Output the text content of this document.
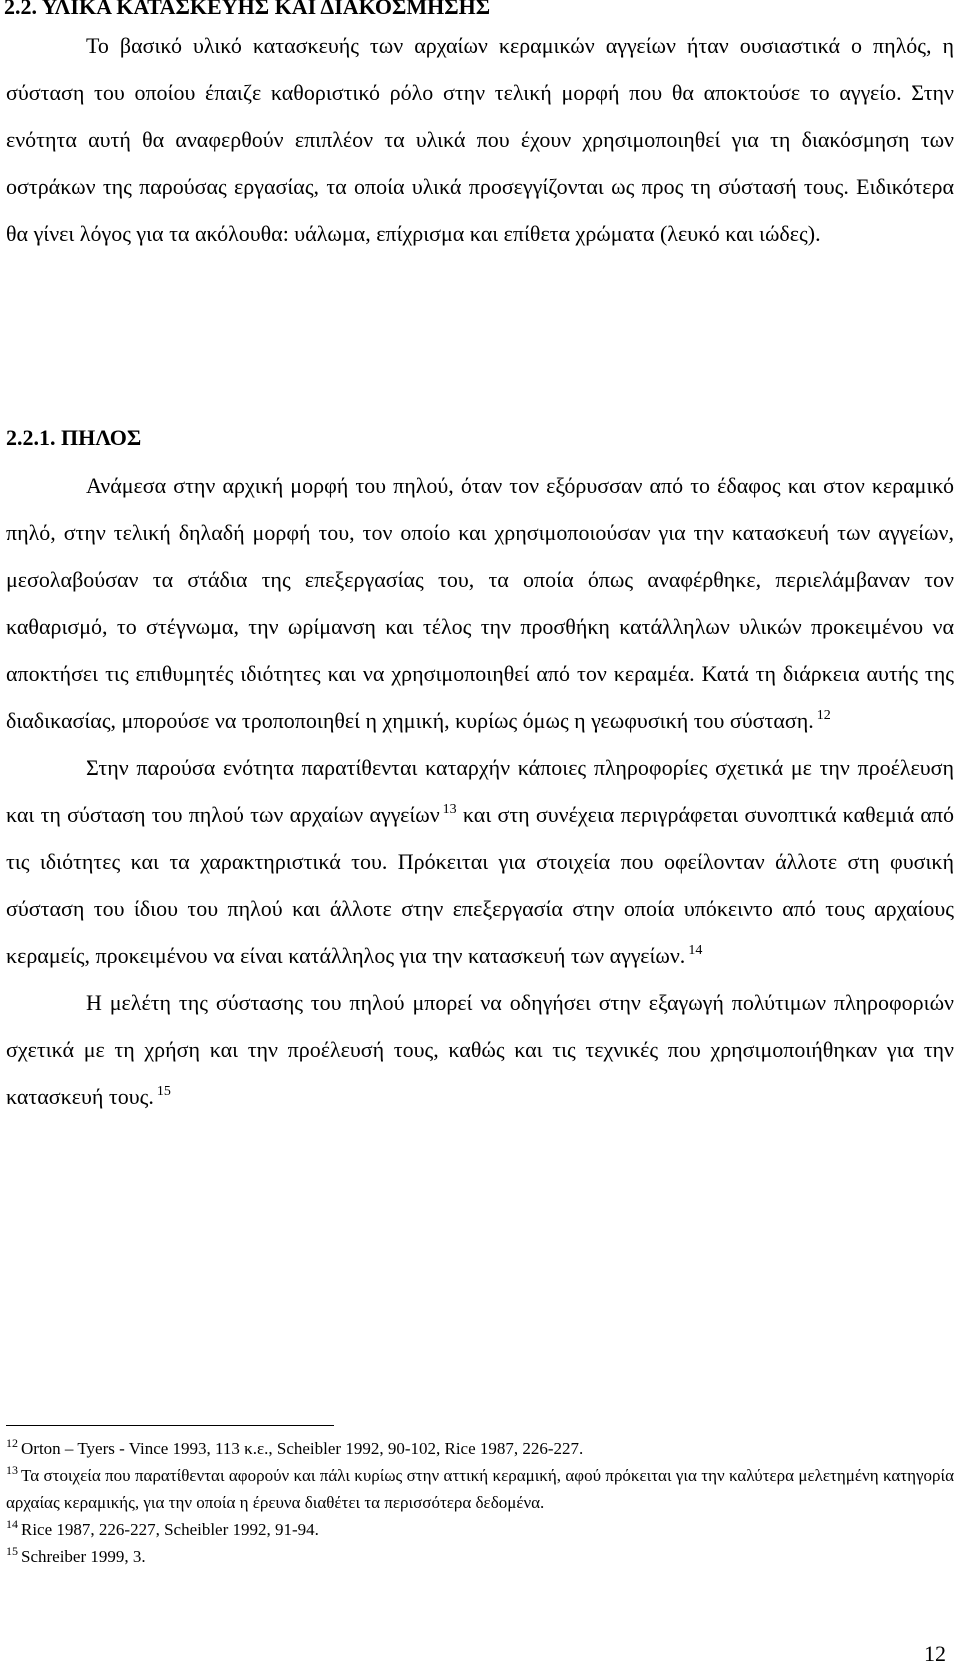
2.2. ΥΛΙΚΑ ΚΑΤΑΣΚΕΥΗΣ ΚΑΙ ΔΙΑΚΟΣΜΗΣΗΣ

Το βασικό υλικό κατασκευής των αρχαίων κεραμικών αγγείων ήταν ουσιαστικά ο πηλός, η σύσταση του οποίου έπαιζε καθοριστικό ρόλο στην τελική μορφή που θα αποκτούσε το αγγείο. Στην ενότητα αυτή θα αναφερθούν επιπλέον τα υλικά που έχουν χρησιμοποιηθεί για τη διακόσμηση των οστράκων της παρούσας εργασίας, τα οποία υλικά προσεγγίζονται ως προς τη σύστασή τους. Ειδικότερα θα γίνει λόγος για τα ακόλουθα: υάλωμα, επίχρισμα και επίθετα χρώματα (λευκό και ιώδες).

2.2.1. ΠΗΛΟΣ

Ανάμεσα στην αρχική μορφή του πηλού, όταν τον εξόρυσσαν από το έδαφος και στον κεραμικό πηλό, στην τελική δηλαδή μορφή του, τον οποίο και χρησιμοποιούσαν για την κατασκευή των αγγείων, μεσολαβούσαν τα στάδια της επεξεργασίας του, τα οποία όπως αναφέρθηκε, περιελάμβαναν τον καθαρισμό, το στέγνωμα, την ωρίμανση και τέλος την προσθήκη κατάλληλων υλικών προκειμένου να αποκτήσει τις επιθυμητές ιδιότητες και να χρησιμοποιηθεί από τον κεραμέα. Κατά τη διάρκεια αυτής της διαδικασίας, μπορούσε να τροποποιηθεί η χημική, κυρίως όμως η γεωφυσική του σύσταση. $^{12}$

Στην παρούσα ενότητα παρατίθενται καταρχήν κάποιες πληροφορίες σχετικά με την προέλευση και τη σύσταση του πηλού των αρχαίων αγγείων $^{13}$ και στη συνέχεια περιγράφεται συνοπτικά καθεμιά από τις ιδιότητες και τα χαρακτηριστικά του. Πρόκειται για στοιχεία που οφείλονταν άλλοτε στη φυσική σύσταση του ίδιου του πηλού και άλλοτε στην επεξεργασία στην οποία υπόκειντο από τους αρχαίους κεραμείς, προκειμένου να είναι κατάλληλος για την κατασκευή των αγγείων. $^{14}$

Η μελέτη της σύστασης του πηλού μπορεί να οδηγήσει στην εξαγωγή πολύτιμων πληροφοριών σχετικά με τη χρήση και την προέλευσή τους, καθώς και τις τεχνικές που χρησιμοποιήθηκαν για την κατασκευή τους. $^{15}$

$^{12}$ Orton – Tyers - Vince 1993, 113 κ.ε., Scheibler 1992, 90-102, Rice 1987, 226-227.

$^{13}$ Τα στοιχεία που παρατίθενται αφορούν και πάλι κυρίως στην αττική κεραμική, αφού πρόκειται για την καλύτερα μελετημένη κατηγορία αρχαίας κεραμικής, για την οποία η έρευνα διαθέτει τα περισσότερα δεδομένα.

$^{14}$ Rice 1987, 226-227, Scheibler 1992, 91-94.

$^{15}$ Schreiber 1999, 3.

12
